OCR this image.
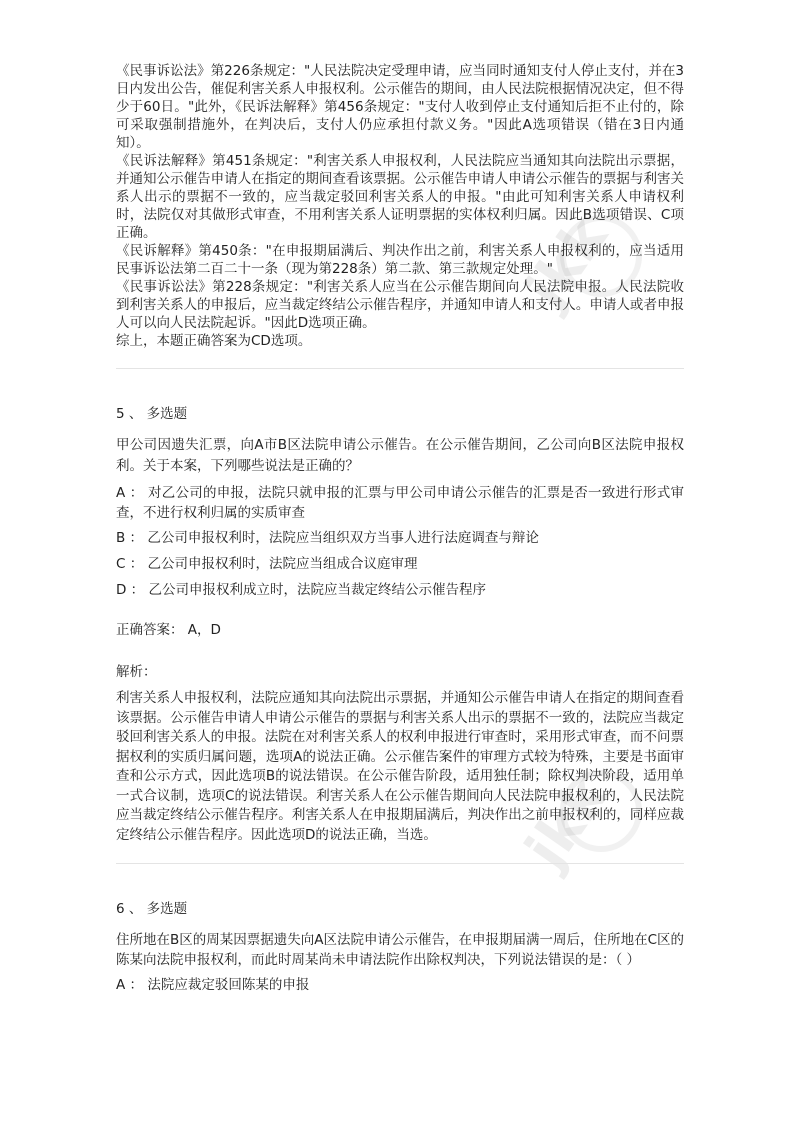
jkk
jkk

《民事诉讼法》第226条规定："人民法院决定受理申请，应当同时通知支付人停止支付，并在3日内发出公告，催促利害关系人申报权利。公示催告的期间，由人民法院根据情况决定，但不得少于60日。"此外，《民诉法解释》第456条规定："支付人收到停止支付通知后拒不止付的，除可采取强制措施外，在判决后，支付人仍应承担付款义务。"因此A选项错误（错在3日内通知）。

《民诉法解释》第451条规定："利害关系人申报权利，人民法院应当通知其向法院出示票据，并通知公示催告申请人在指定的期间查看该票据。公示催告申请人申请公示催告的票据与利害关系人出示的票据不一致的，应当裁定驳回利害关系人的申报。"由此可知利害关系人申请权利时，法院仅对其做形式审查，不用利害关系人证明票据的实体权利归属。因此B选项错误、C项正确。

《民诉解释》第450条："在申报期届满后、判决作出之前，利害关系人申报权利的，应当适用民事诉讼法第二百二十一条（现为第228条）第二款、第三款规定处理。"

《民事诉讼法》第228条规定："利害关系人应当在公示催告期间向人民法院申报。人民法院收到利害关系人的申报后，应当裁定终结公示催告程序，并通知申请人和支付人。申请人或者申报人可以向人民法院起诉。"因此D选项正确。

综上，本题正确答案为CD选项。

5 、 多选题

甲公司因遗失汇票，向A市B区法院申请公示催告。在公示催告期间，乙公司向B区法院申报权利。关于本案，下列哪些说法是正确的？

A ： 对乙公司的申报，法院只就申报的汇票与甲公司申请公示催告的汇票是否一致进行形式审查，不进行权利归属的实质审查

B ： 乙公司申报权利时，法院应当组织双方当事人进行法庭调查与辩论

C ： 乙公司申报权利时，法院应当组成合议庭审理

D ： 乙公司申报权利成立时，法院应当裁定终结公示催告程序

正确答案： A，D
解析：

利害关系人申报权利，法院应通知其向法院出示票据，并通知公示催告申请人在指定的期间查看该票据。公示催告申请人申请公示催告的票据与利害关系人出示的票据不一致的，法院应当裁定驳回利害关系人的申报。法院在对利害关系人的权利申报进行审查时，采用形式审查，而不问票据权利的实质归属问题，选项A的说法正确。公示催告案件的审理方式较为特殊，主要是书面审查和公示方式，因此选项B的说法错误。在公示催告阶段，适用独任制；除权判决阶段，适用单一式合议制，选项C的说法错误。利害关系人在公示催告期间向人民法院申报权利的，人民法院应当裁定终结公示催告程序。利害关系人在申报期届满后，判决作出之前申报权利的，同样应裁定终结公示催告程序。因此选项D的说法正确，当选。

6 、 多选题

住所地在B区的周某因票据遗失向A区法院申请公示催告，在申报期届满一周后，住所地在C区的陈某向法院申报权利，而此时周某尚未申请法院作出除权判决，下列说法错误的是：（ ）

A ： 法院应裁定驳回陈某的申报
